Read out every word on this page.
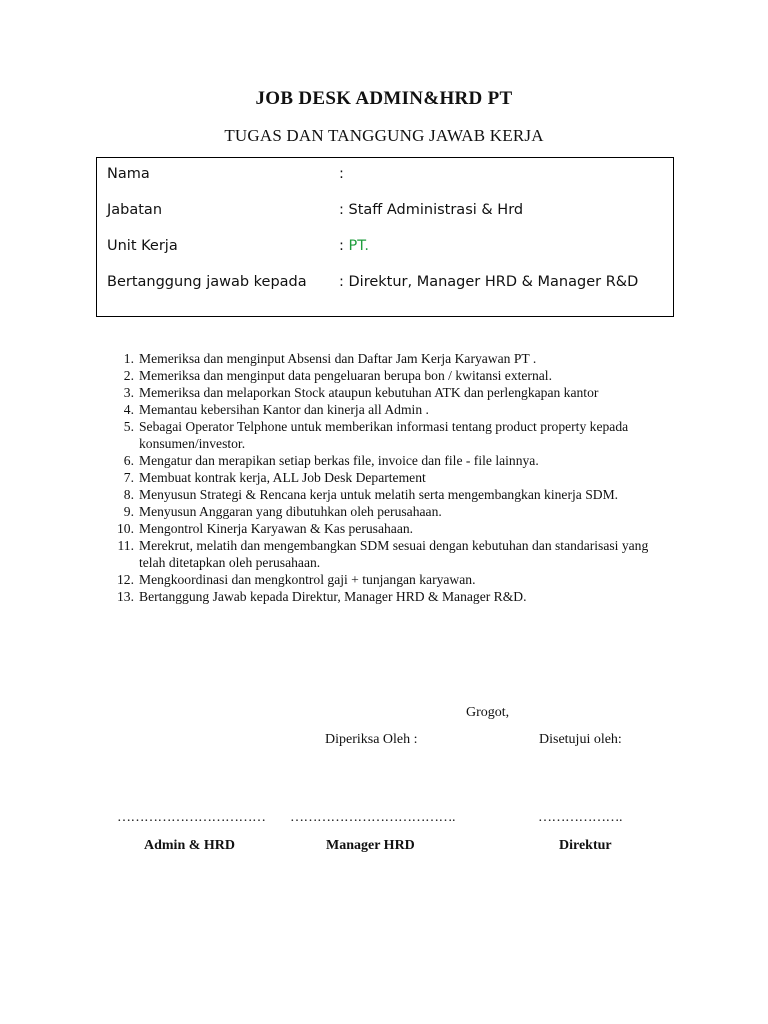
JOB DESK ADMIN&HRD PT
TUGAS DAN TANGGUNG JAWAB KERJA
Nama	:
Jabatan	: Staff Administrasi & Hrd
Unit Kerja	: PT.
Bertanggung jawab kepada : Direktur, Manager HRD & Manager R&D
1. Memeriksa dan menginput Absensi dan Daftar Jam Kerja Karyawan PT .
2. Memeriksa dan menginput data pengeluaran berupa bon / kwitansi external.
3. Memeriksa dan melaporkan Stock ataupun kebutuhan ATK dan perlengkapan kantor
4. Memantau kebersihan Kantor dan kinerja all Admin .
5. Sebagai Operator Telphone untuk memberikan informasi tentang product property kepada konsumen/investor.
6. Mengatur dan merapikan setiap berkas file, invoice dan file - file lainnya.
7. Membuat kontrak kerja, ALL Job Desk Departement
8. Menyusun Strategi & Rencana kerja untuk melatih serta mengembangkan kinerja SDM.
9. Menyusun Anggaran yang dibutuhkan oleh perusahaan.
10. Mengontrol Kinerja Karyawan & Kas perusahaan.
11. Merekrut, melatih dan mengembangkan SDM sesuai dengan kebutuhan dan standarisasi yang telah ditetapkan oleh perusahaan.
12. Mengkoordinasi dan mengkontrol gaji + tunjangan karyawan.
13. Bertanggung Jawab kepada Direktur, Manager HRD & Manager R&D.
Grogot,
Diperiksa Oleh :	Disetujui oleh:
…………………………… ……………………………….	……………….
Admin & HRD	Manager HRD	Direktur
